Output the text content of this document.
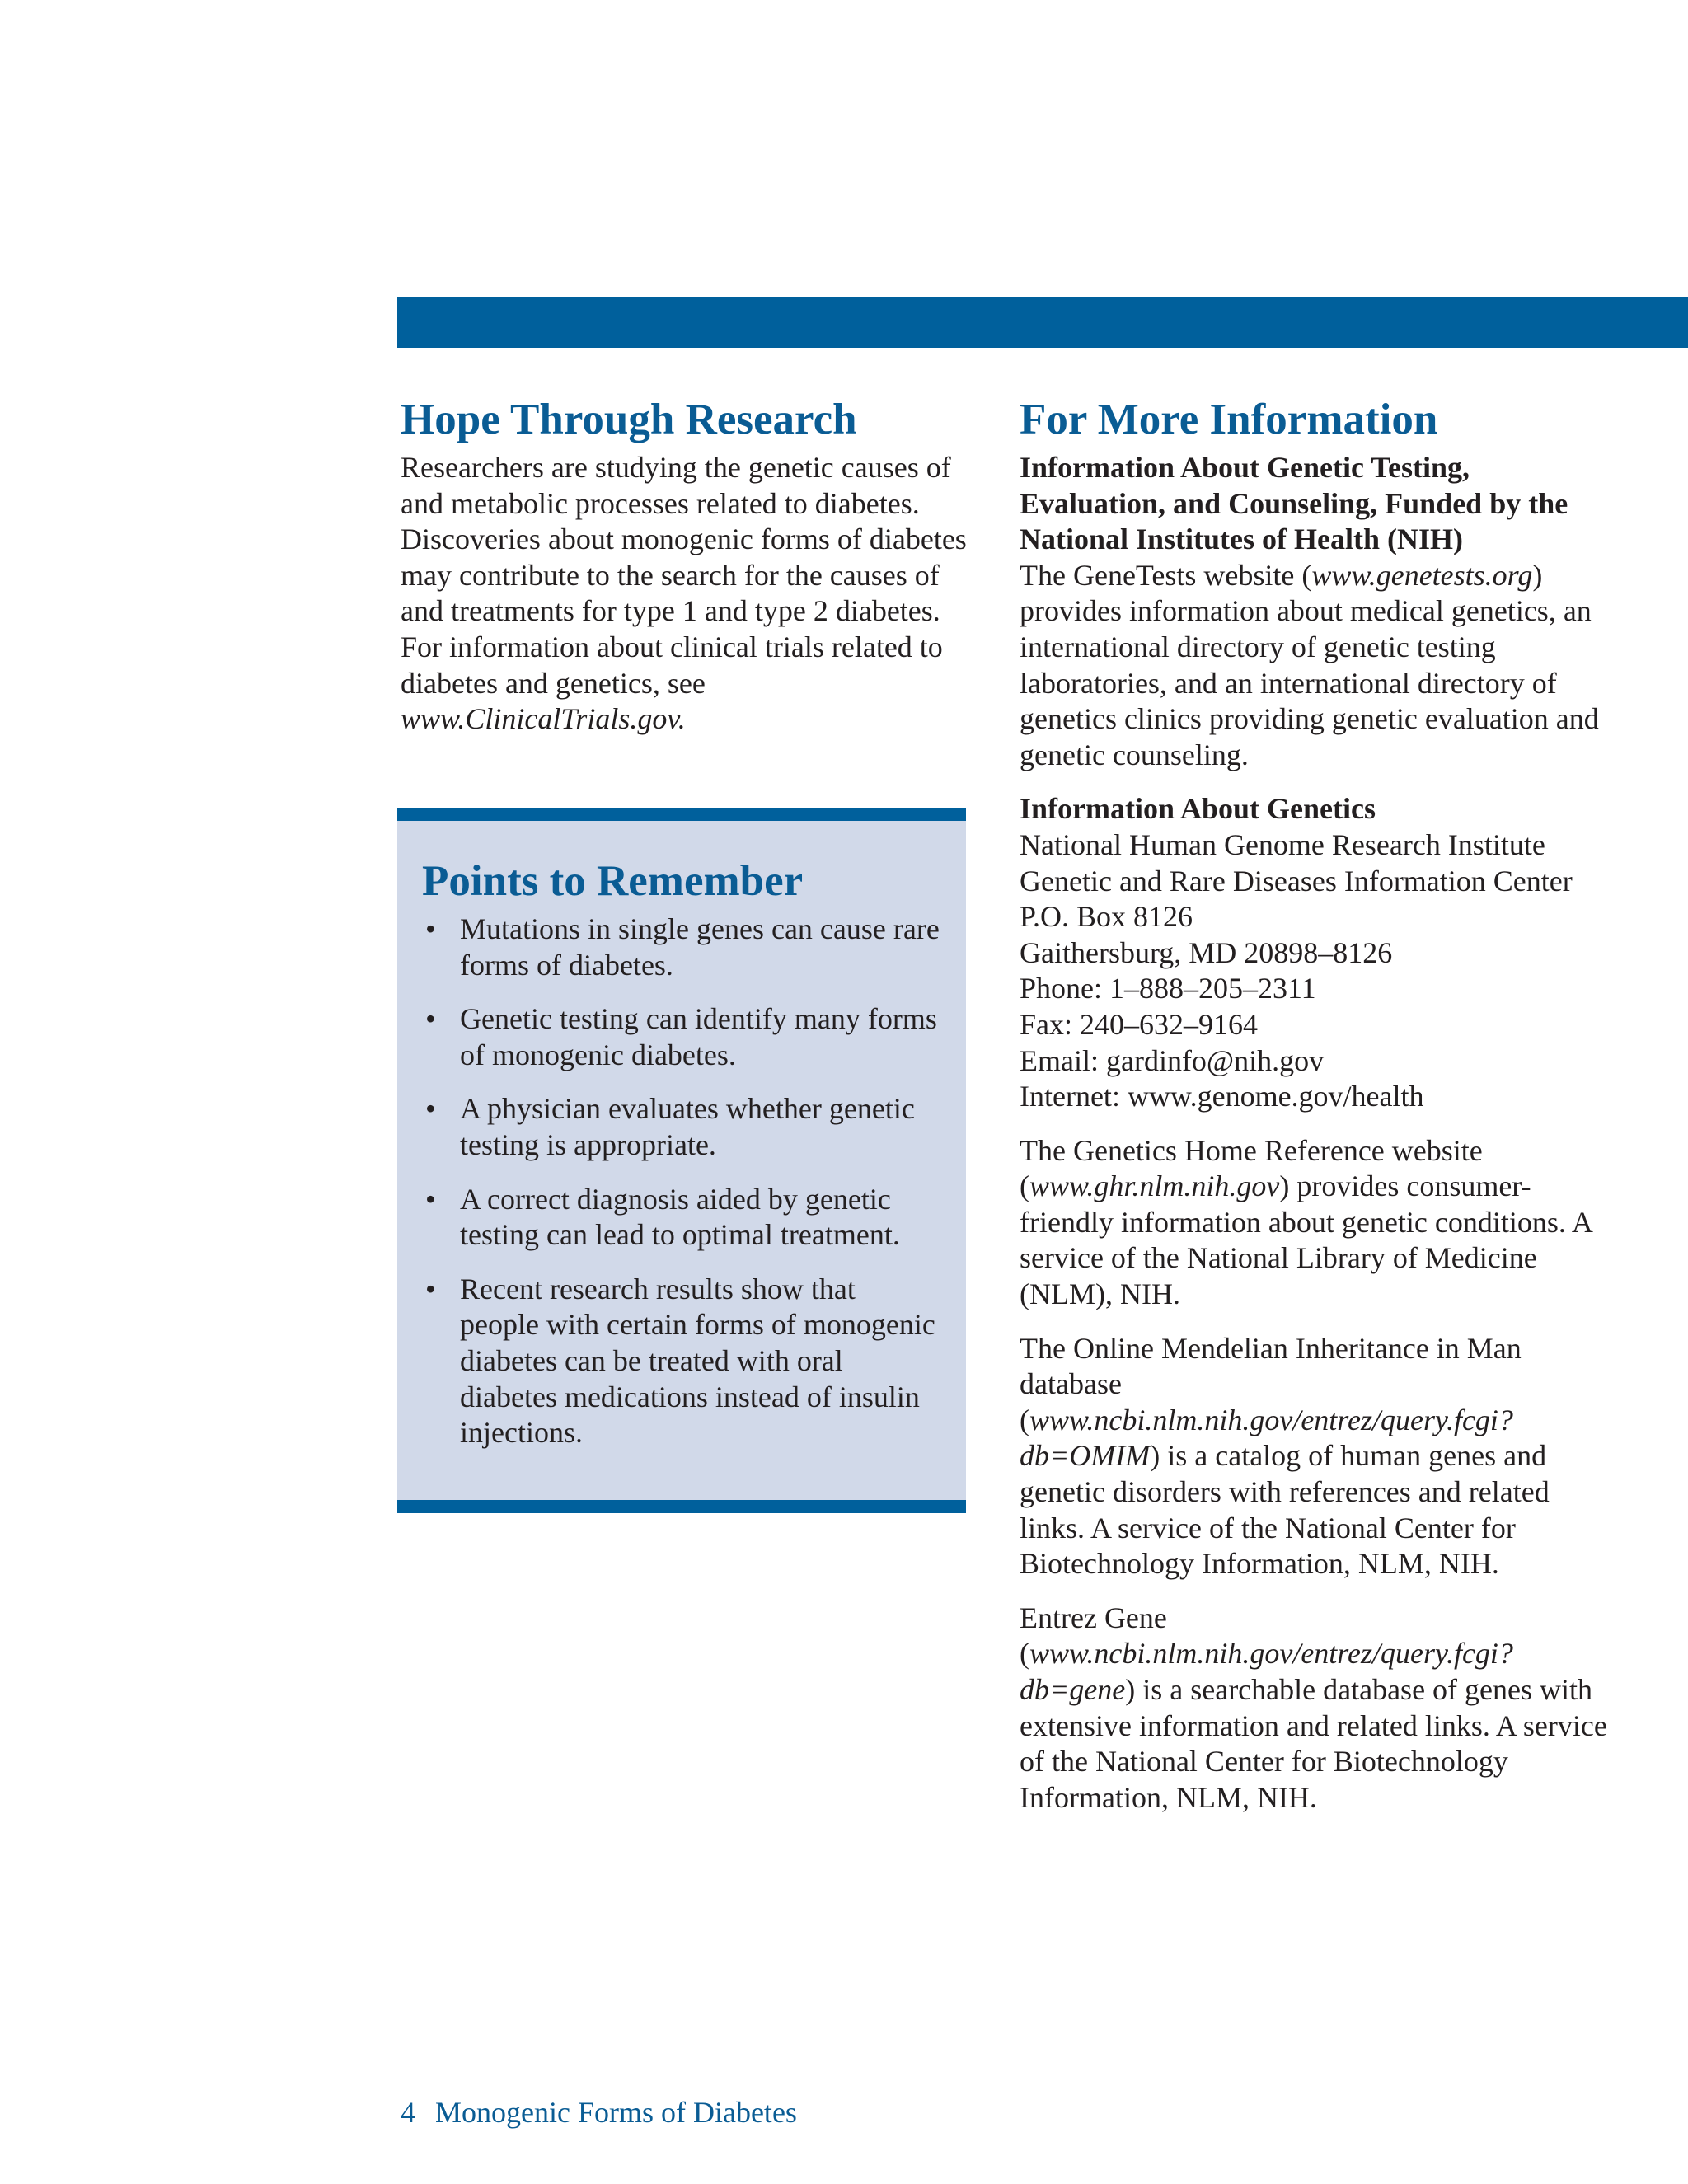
Hope Through Research

Researchers are studying the genetic causes of and metabolic processes related to diabetes. Discoveries about monogenic forms of diabetes may contribute to the search for the causes of and treatments for type 1 and type 2 diabetes. For information about clinical trials related to diabetes and genetics, see www.ClinicalTrials.gov.

Points to Remember
• Mutations in single genes can cause rare forms of diabetes.
• Genetic testing can identify many forms of monogenic diabetes.
• A physician evaluates whether genetic testing is appropriate.
• A correct diagnosis aided by genetic testing can lead to optimal treatment.
• Recent research results show that people with certain forms of monogenic diabetes can be treated with oral diabetes medications instead of insulin injections.
For More Information

Information About Genetic Testing, Evaluation, and Counseling, Funded by the National Institutes of Health (NIH)

The GeneTests website (www.genetests.org) provides information about medical genetics, an international directory of genetic testing laboratories, and an international directory of genetics clinics providing genetic evaluation and genetic counseling.

Information About Genetics

National Human Genome Research Institute

Genetic and Rare Diseases Information Center

P.O. Box 8126

Gaithersburg, MD 20898–8126

Phone: 1–888–205–2311

Fax: 240–632–9164

Email: gardinfo@nih.gov

Internet: www.genome.gov/health

The Genetics Home Reference website (www.ghr.nlm.nih.gov) provides consumer-friendly information about genetic conditions. A service of the National Library of Medicine (NLM), NIH.

The Online Mendelian Inheritance in Man database (www.ncbi.nlm.nih.gov/entrez/query.fcgi?db=OMIM) is a catalog of human genes and genetic disorders with references and related links. A service of the National Center for Biotechnology Information, NLM, NIH.

Entrez Gene (www.ncbi.nlm.nih.gov/entrez/query.fcgi?db=gene) is a searchable database of genes with extensive information and related links. A service of the National Center for Biotechnology Information, NLM, NIH.

4 Monogenic Forms of Diabetes
